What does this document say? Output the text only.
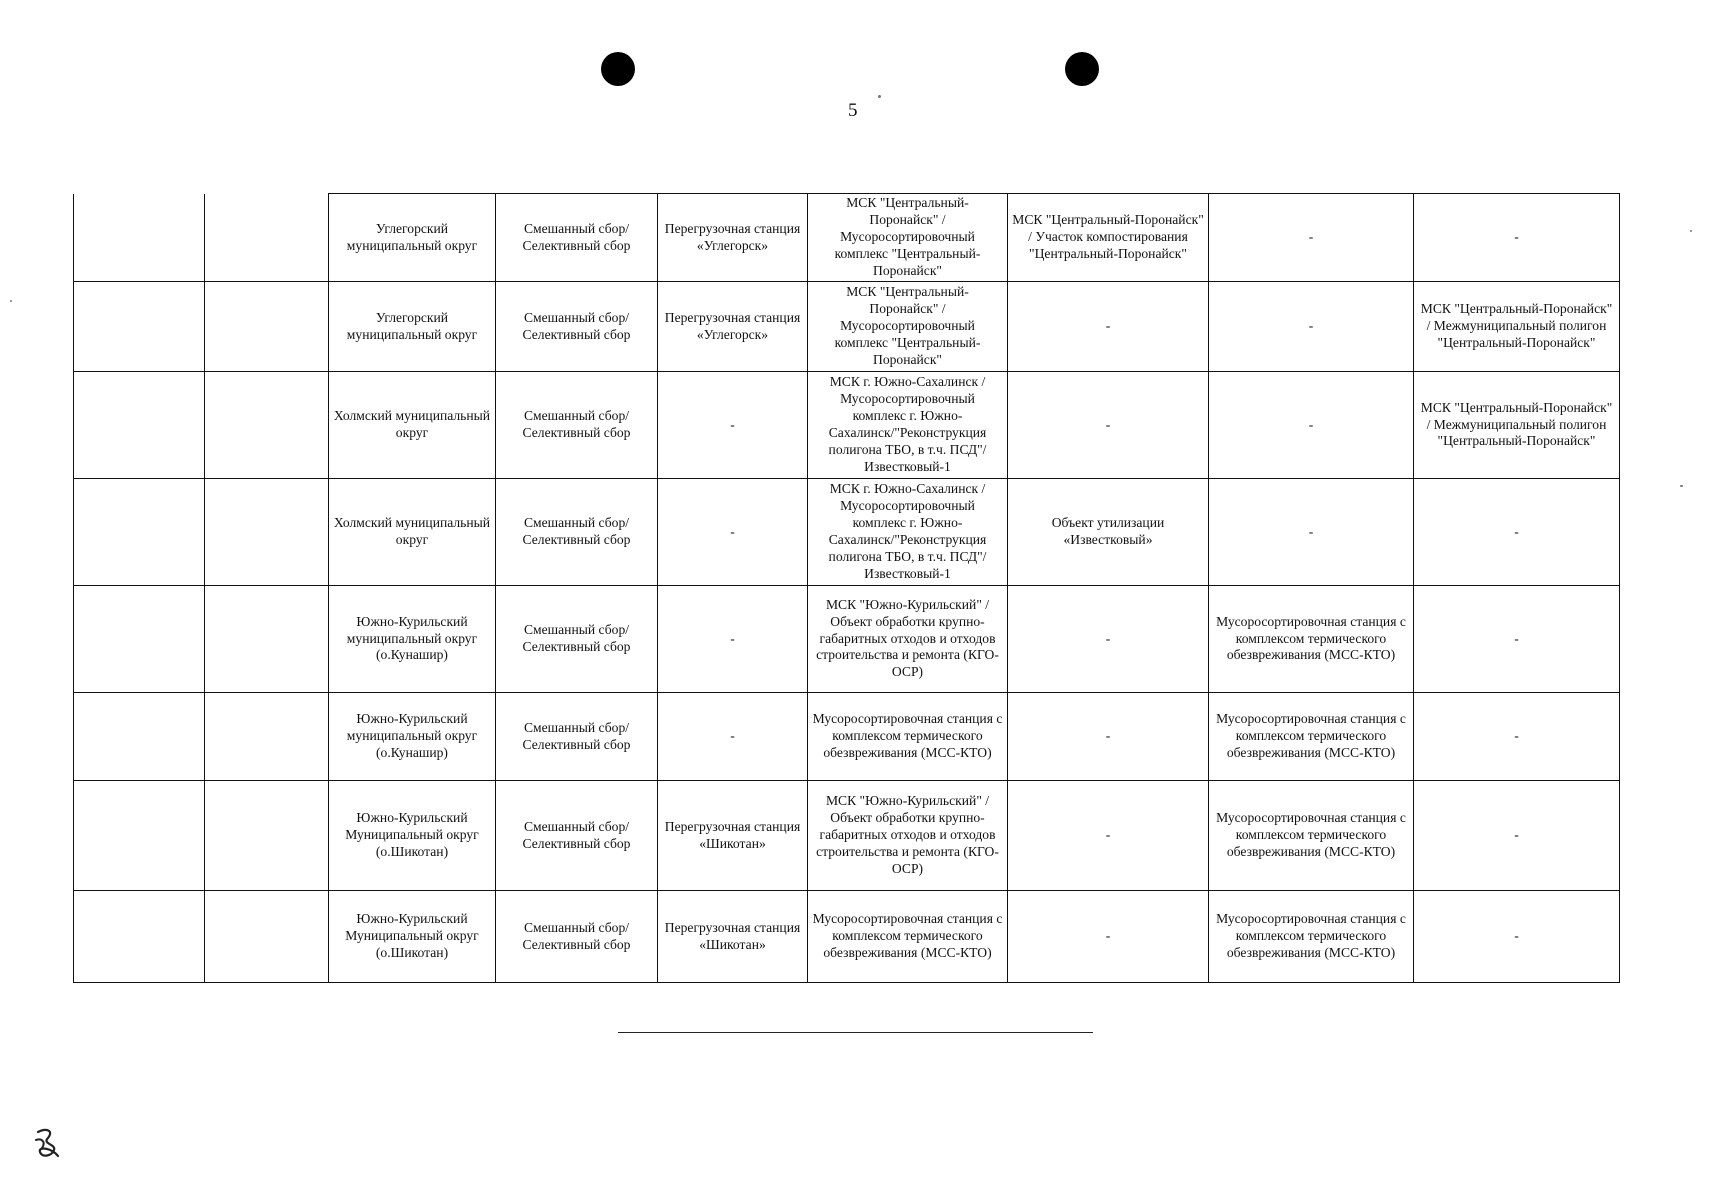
5
		Углегорский муниципальный округ	Смешанный сбор/ Селективный сбор	Перегрузочная станция «Углегорск»	МСК "Центральный-Поронайск" / Мусоросортировочный комплекс "Центральный-Поронайск"	МСК "Центральный-Поронайск" / Участок компостирования "Центральный-Поронайск"	-	-
		Углегорский муниципальный округ	Смешанный сбор/ Селективный сбор	Перегрузочная станция «Углегорск»	МСК "Центральный-Поронайск" / Мусоросортировочный комплекс "Центральный-Поронайск"	-	-	МСК "Центральный-Поронайск" / Межмуниципальный полигон "Центральный-Поронайск"
		Холмский муниципальный округ	Смешанный сбор/ Селективный сбор	-	МСК г. Южно-Сахалинск / Мусоросортировочный комплекс г. Южно-Сахалинск/"Реконструкция полигона ТБО, в т.ч. ПСД"/Известковый-1	-	-	МСК "Центральный-Поронайск" / Межмуниципальный полигон "Центральный-Поронайск"
		Холмский муниципальный округ	Смешанный сбор/ Селективный сбор	-	МСК г. Южно-Сахалинск / Мусоросортировочный комплекс г. Южно-Сахалинск/"Реконструкция полигона ТБО, в т.ч. ПСД"/Известковый-1	Объект утилизации «Известковый»	-	-
		Южно-Курильский муниципальный округ (о.Кунашир)	Смешанный сбор/ Селективный сбор	-	МСК "Южно-Курильский" / Объект обработки крупно-габаритных отходов и отходов строительства и ремонта (КГО-ОСР)	-	Мусоросортировочная станция с комплексом термического обезвреживания (МСС-КТО)	-
		Южно-Курильский муниципальный округ (о.Кунашир)	Смешанный сбор/ Селективный сбор	-	Мусоросортировочная станция с комплексом термического обезвреживания (МСС-КТО)	-	Мусоросортировочная станция с комплексом термического обезвреживания (МСС-КТО)	-
		Южно-Курильский Муниципальный округ (о.Шикотан)	Смешанный сбор/ Селективный сбор	Перегрузочная станция «Шикотан»	МСК "Южно-Курильский" / Объект обработки крупно-габаритных отходов и отходов строительства и ремонта (КГО-ОСР)	-	Мусоросортировочная станция с комплексом термического обезвреживания (МСС-КТО)	-
		Южно-Курильский Муниципальный округ (о.Шикотан)	Смешанный сбор/ Селективный сбор	Перегрузочная станция «Шикотан»	Мусоросортировочная станция с комплексом термического обезвреживания (МСС-КТО)	-	Мусоросортировочная станция с комплексом термического обезвреживания (МСС-КТО)	-
